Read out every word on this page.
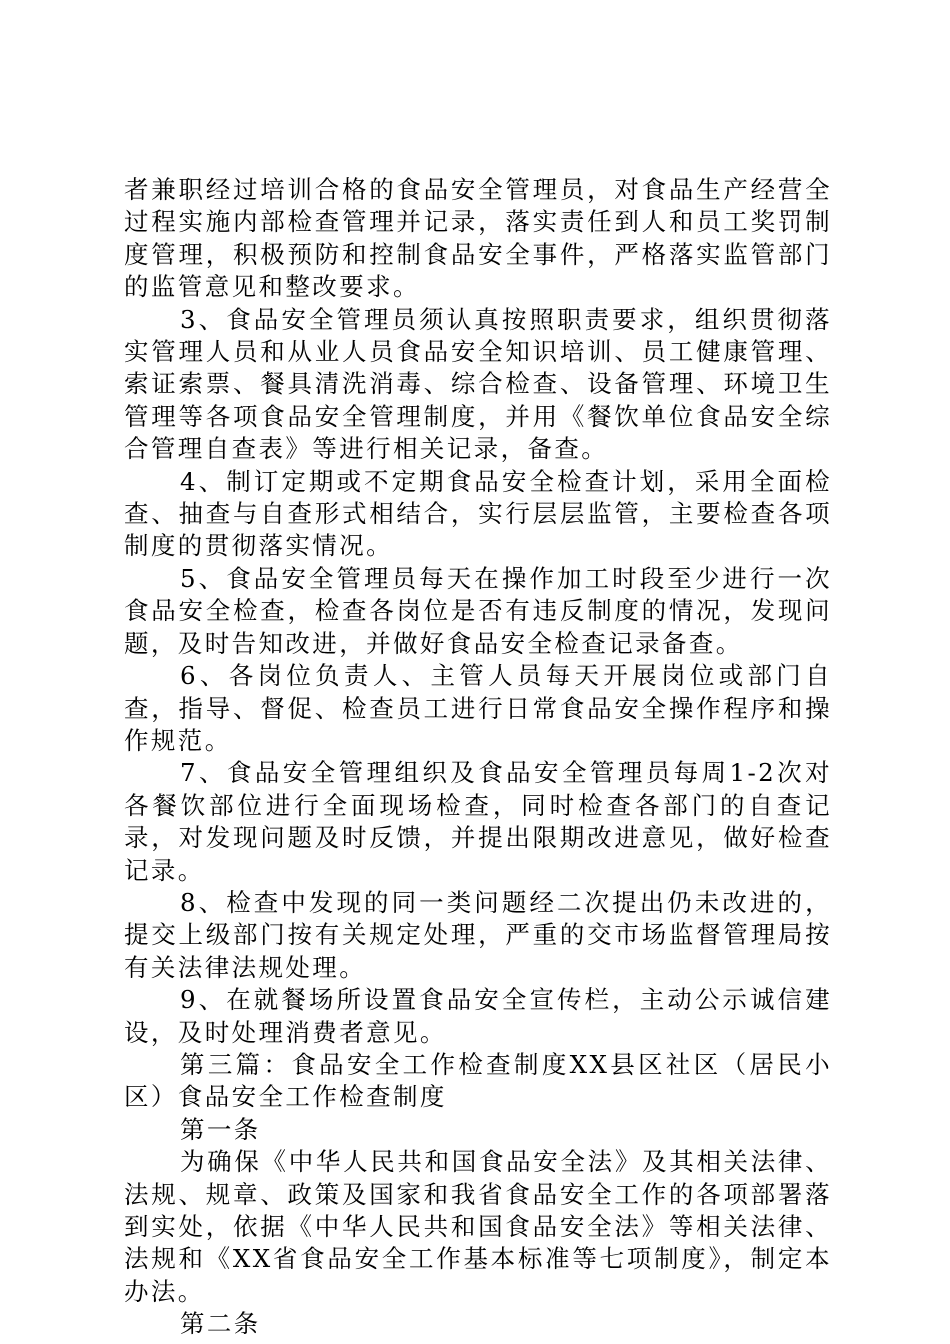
者兼职经过培训合格的食品安全管理员，对食品生产经营全过程实施内部检查管理并记录，落实责任到人和员工奖罚制度管理，积极预防和控制食品安全事件，严格落实监管部门的监管意见和整改要求。

3、食品安全管理员须认真按照职责要求，组织贯彻落实管理人员和从业人员食品安全知识培训、员工健康管理、索证索票、餐具清洗消毒、综合检查、设备管理、环境卫生管理等各项食品安全管理制度，并用《餐饮单位食品安全综合管理自查表》等进行相关记录，备查。

4、制订定期或不定期食品安全检查计划，采用全面检查、抽查与自查形式相结合，实行层层监管，主要检查各项制度的贯彻落实情况。

5、食品安全管理员每天在操作加工时段至少进行一次食品安全检查，检查各岗位是否有违反制度的情况，发现问题，及时告知改进，并做好食品安全检查记录备查。

6、各岗位负责人、主管人员每天开展岗位或部门自查，指导、督促、检查员工进行日常食品安全操作程序和操作规范。

7、食品安全管理组织及食品安全管理员每周1-2次对各餐饮部位进行全面现场检查，同时检查各部门的自查记录，对发现问题及时反馈，并提出限期改进意见，做好检查记录。

8、检查中发现的同一类问题经二次提出仍未改进的，提交上级部门按有关规定处理，严重的交市场监督管理局按有关法律法规处理。

9、在就餐场所设置食品安全宣传栏，主动公示诚信建设，及时处理消费者意见。

第三篇：食品安全工作检查制度XX县区社区（居民小区）食品安全工作检查制度

第一条

为确保《中华人民共和国食品安全法》及其相关法律、法规、规章、政策及国家和我省食品安全工作的各项部署落到实处，依据《中华人民共和国食品安全法》等相关法律、法规和《XX省食品安全工作基本标准等七项制度》，制定本办法。

第二条
